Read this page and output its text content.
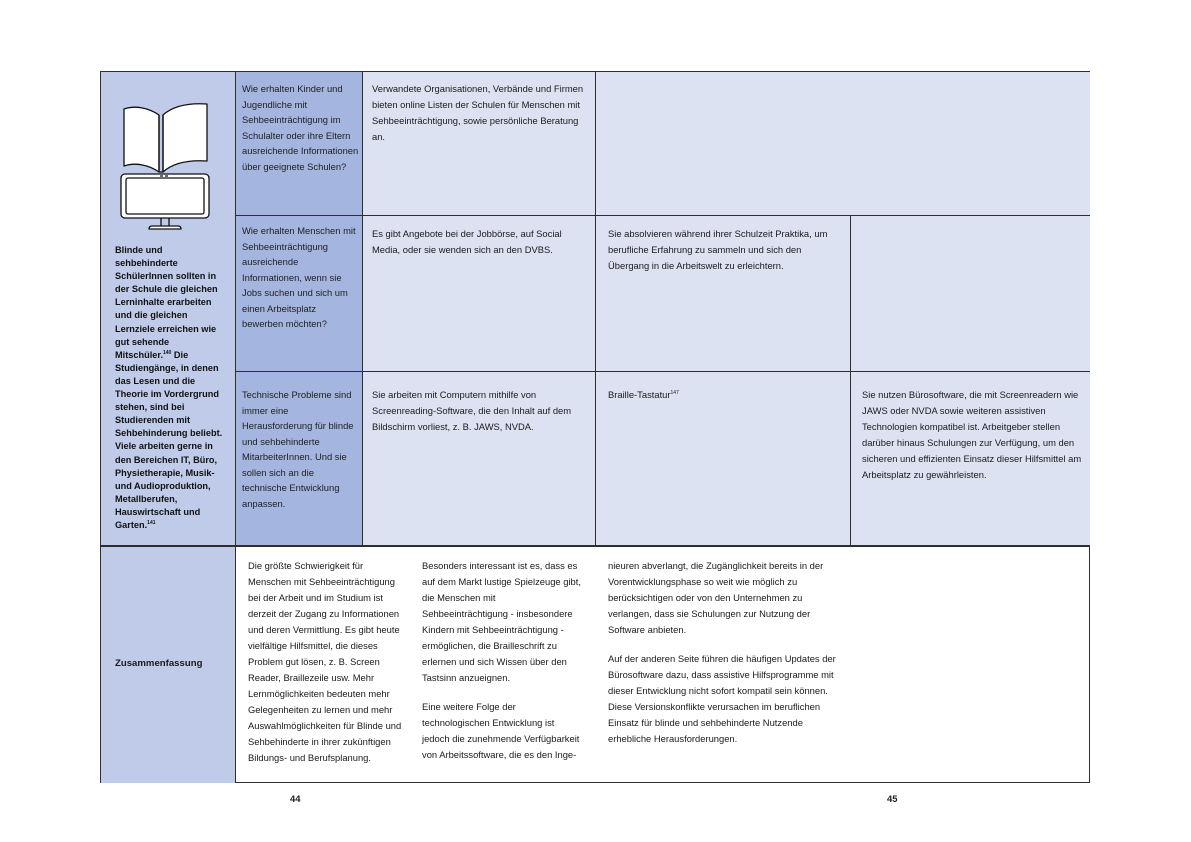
Blinde und sehbehinderte SchülerInnen sollten in der Schule die gleichen Lerninhalte erarbeiten und die gleichen Lernziele erreichen wie gut sehende Mitschüler.$^{140}$ Die Studiengänge, in denen das Lesen und die Theorie im Vordergrund stehen, sind bei Studierenden mit Sehbehinderung beliebt. Viele arbeiten gerne in den Bereichen IT, Büro, Physietherapie, Musik- und Audioproduktion, Metallberufen, Hauswirtschaft und Garten.$^{141}$
Zusammenfassung
Wie erhalten Kinder und Jugendliche mit Sehbeeinträchtigung im Schulalter oder ihre Eltern ausreichende Informationen über geeignete Schulen?
Wie erhalten Menschen mit Sehbeeinträchtigung ausreichende Informationen, wenn sie Jobs suchen und sich um einen Arbeitsplatz bewerben möchten?
Technische Probleme sind immer eine Herausforderung für blinde und sehbehinderte MitarbeiterInnen. Und sie sollen sich an die technische Entwicklung anpassen.
Verwandete Organisationen, Verbände und Firmen bieten online Listen der Schulen für Menschen mit Sehbeeinträchtigung, sowie persönliche Beratung an.
Es gibt Angebote bei der Jobbörse, auf Social Media, oder sie wenden sich an den DVBS.
Sie absolvieren während ihrer Schulzeit Praktika, um berufliche Erfahrung zu sammeln und sich den Übergang in die Arbeitswelt zu erleichtern.
Sie arbeiten mit Computern mithilfe von Screenreading-Software, die den Inhalt auf dem Bildschirm vorliest, z. B. JAWS, NVDA.
Braille-Tastatur$^{147}$	Sie nutzen Bürosoftware, die mit Screenreadern wie JAWS oder NVDA sowie weiteren assistiven Technologien kompatibel ist. Arbeitgeber stellen darüber hinaus Schulungen zur Verfügung, um den sicheren und effizienten Einsatz dieser Hilfsmittel am Arbeitsplatz zu gewährleisten.
Die größte Schwierigkeit für Menschen mit Sehbeeinträchtigung bei der Arbeit und im Studium ist derzeit der Zugang zu Informationen und deren Vermittlung. Es gibt heute vielfältige Hilfsmittel, die dieses Problem gut lösen, z. B. Screen Reader, Braillezeile usw. Mehr Lernmöglichkeiten bedeuten mehr Gelegenheiten zu lernen und mehr Auswahlmöglichkeiten für Blinde und Sehbehinderte in ihrer zukünftigen Bildungs- und Berufsplanung.

Besonders interessant ist es, dass es auf dem Markt lustige Spielzeuge gibt, die Menschen mit Sehbeeinträchtigung - insbesondere Kindern mit Sehbeeinträchtigung - ermöglichen, die Brailleschrift zu erlernen und sich Wissen über den Tastsinn anzueignen.

Eine weitere Folge der technologischen Entwicklung ist jedoch die zunehmende Verfügbarkeit von Arbeitssoftware, die es den Inge-

nieuren abverlangt, die Zugänglichkeit bereits in der Vorentwicklungsphase so weit wie möglich zu berücksichtigen oder von den Unternehmen zu verlangen, dass sie Schulungen zur Nutzung der Software anbieten.

Auf der anderen Seite führen die häufigen Updates der Bürosoftware dazu, dass assistive Hilfsprogramme mit dieser Entwicklung nicht sofort kompatil sein können. Diese Versionskonflikte verursachen im beruflichen Einsatz für blinde und sehbehinderte Nutzende erhebliche Herausforderungen.

44	45
